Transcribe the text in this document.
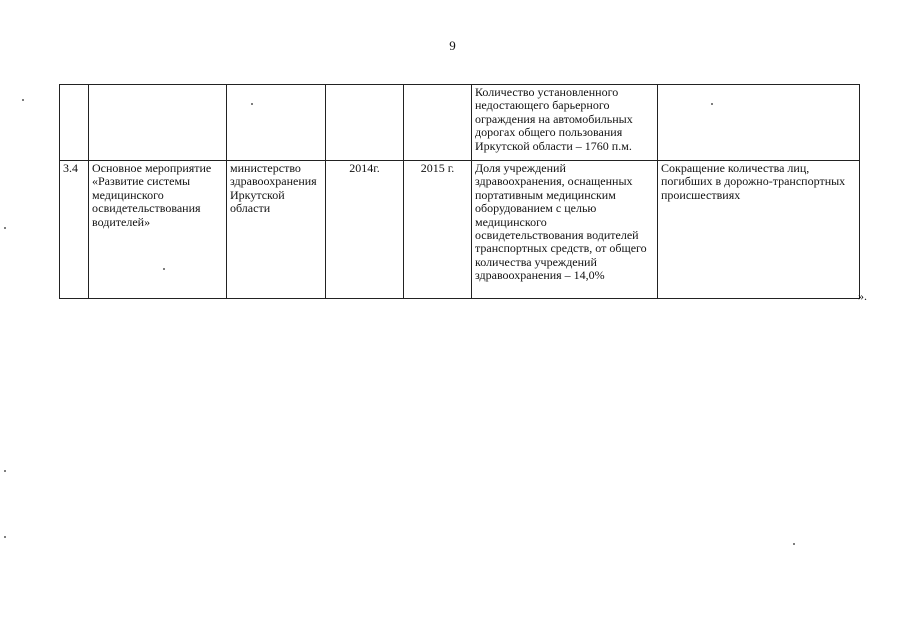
9
					Количество установленного недостающего барьерного ограждения на автомобильных дорогах общего пользования Иркутской области – 1760 п.м.	
3.4	Основное мероприятие «Развитие системы медицинского освидетельствования водителей»	министерство здравоохранения Иркутской области	2014г.	2015 г.	Доля учреждений здравоохранения, оснащенных портативным медицинским оборудованием с целью медицинского освидетельствования водителей транспортных средств, от общего количества учреждений здравоохранения – 14,0%	Сокращение количества лиц, погибших в дорожно-транспортных происшествиях
».
